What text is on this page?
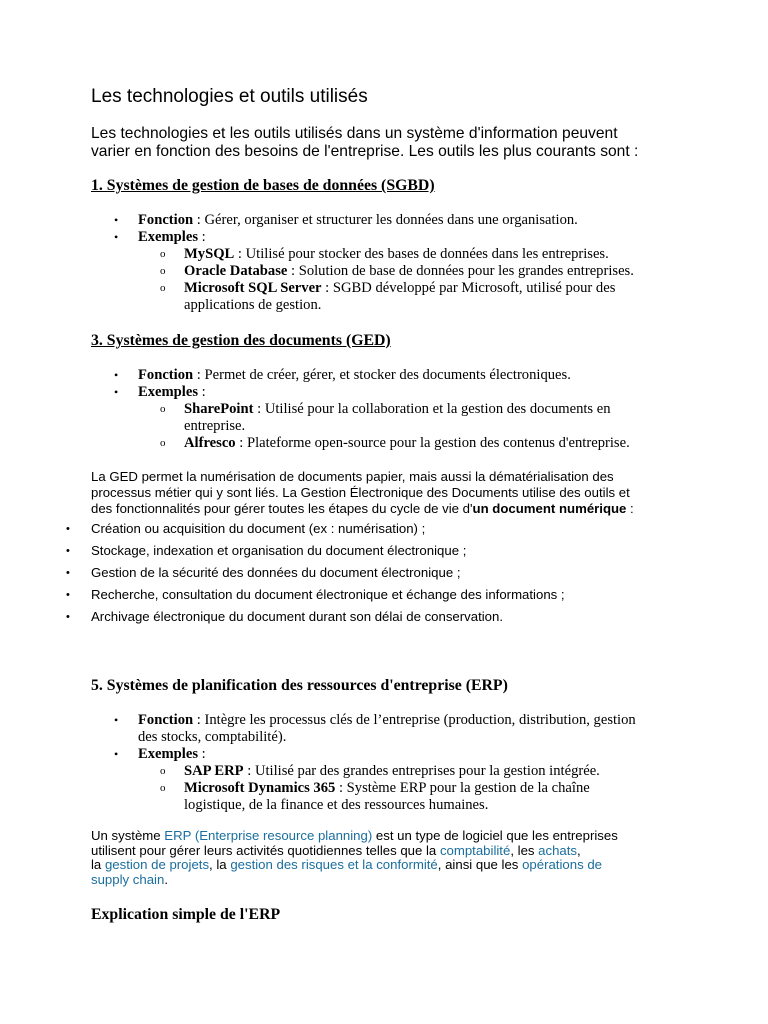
Les technologies et outils utilisés
Les technologies et les outils utilisés dans un système d'information peuvent
varier en fonction des besoins de l'entreprise. Les outils les plus courants sont :
1. Systèmes de gestion de bases de données (SGBD)
• Fonction : Gérer, organiser et structurer les données dans une organisation.
• Exemples :
o MySQL : Utilisé pour stocker des bases de données dans les entreprises.
o Oracle Database : Solution de base de données pour les grandes entreprises.
o Microsoft SQL Server : SGBD développé par Microsoft, utilisé pour des
applications de gestion.
3. Systèmes de gestion des documents (GED)
• Fonction : Permet de créer, gérer, et stocker des documents électroniques.
• Exemples :
o SharePoint : Utilisé pour la collaboration et la gestion des documents en
entreprise.
o Alfresco : Plateforme open-source pour la gestion des contenus d'entreprise.
La GED permet la numérisation de documents papier, mais aussi la dématérialisation des
processus métier qui y sont liés. La Gestion Électronique des Documents utilise des outils et
des fonctionnalités pour gérer toutes les étapes du cycle de vie d'un document numérique :
• Création ou acquisition du document (ex : numérisation) ;
• Stockage, indexation et organisation du document électronique ;
• Gestion de la sécurité des données du document électronique ;
• Recherche, consultation du document électronique et échange des informations ;
• Archivage électronique du document durant son délai de conservation.
5. Systèmes de planification des ressources d'entreprise (ERP)
• Fonction : Intègre les processus clés de l’entreprise (production, distribution, gestion
des stocks, comptabilité).
• Exemples :
o SAP ERP : Utilisé par des grandes entreprises pour la gestion intégrée.
o Microsoft Dynamics 365 : Système ERP pour la gestion de la chaîne
logistique, de la finance et des ressources humaines.
Un système ERP (Enterprise resource planning) est un type de logiciel que les entreprises
utilisent pour gérer leurs activités quotidiennes telles que la comptabilité, les achats,
la gestion de projets, la gestion des risques et la conformité, ainsi que les opérations de
supply chain.
Explication simple de l'ERP
